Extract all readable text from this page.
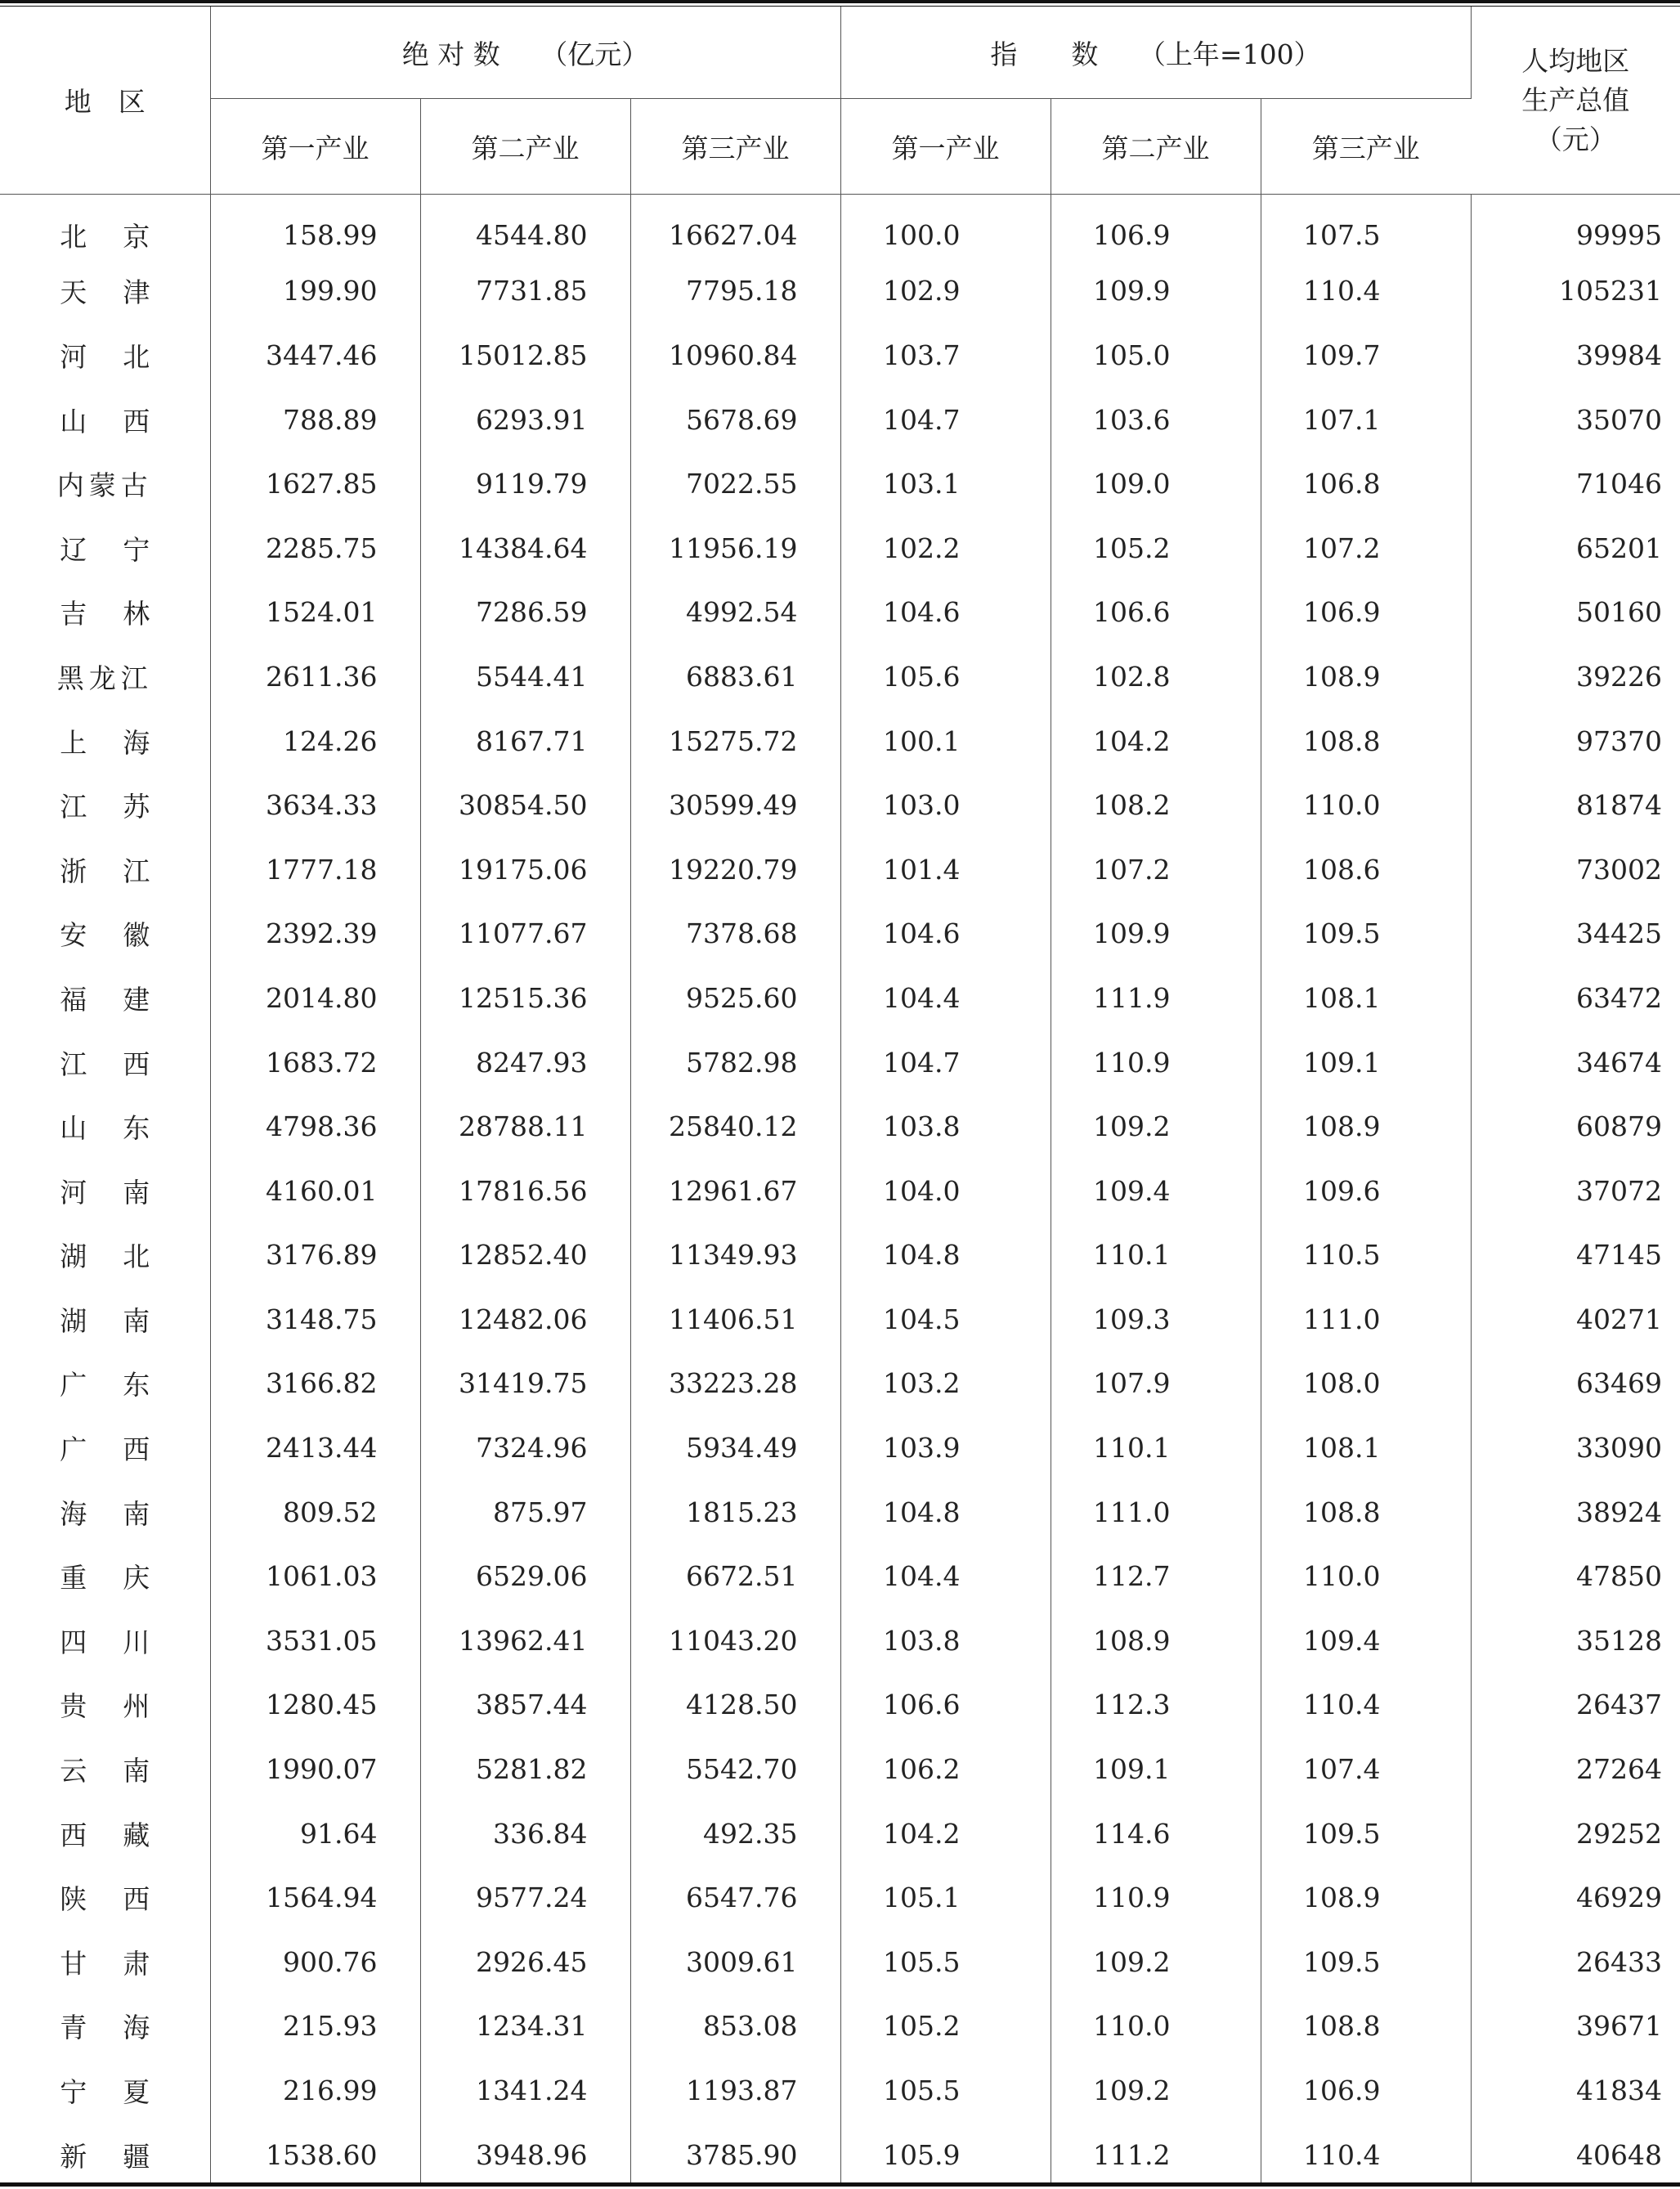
地　区	绝 对 数　　（亿元）			指　　数　　（上年=100）			人均地区
生产总值
（元）

	第一产业	第二产业	第三产业	第一产业	第二产业	第三产业	
北京	158.99	4544.80	16627.04	100.0	106.9	107.5	99995
天津	199.90	7731.85	7795.18	102.9	109.9	110.4	105231
河北	3447.46	15012.85	10960.84	103.7	105.0	109.7	39984
山西	788.89	6293.91	5678.69	104.7	103.6	107.1	35070
内蒙古	1627.85	9119.79	7022.55	103.1	109.0	106.8	71046
辽宁	2285.75	14384.64	11956.19	102.2	105.2	107.2	65201
吉林	1524.01	7286.59	4992.54	104.6	106.6	106.9	50160
黑龙江	2611.36	5544.41	6883.61	105.6	102.8	108.9	39226
上海	124.26	8167.71	15275.72	100.1	104.2	108.8	97370
江苏	3634.33	30854.50	30599.49	103.0	108.2	110.0	81874
浙江	1777.18	19175.06	19220.79	101.4	107.2	108.6	73002
安徽	2392.39	11077.67	7378.68	104.6	109.9	109.5	34425
福建	2014.80	12515.36	9525.60	104.4	111.9	108.1	63472
江西	1683.72	8247.93	5782.98	104.7	110.9	109.1	34674
山东	4798.36	28788.11	25840.12	103.8	109.2	108.9	60879
河南	4160.01	17816.56	12961.67	104.0	109.4	109.6	37072
湖北	3176.89	12852.40	11349.93	104.8	110.1	110.5	47145
湖南	3148.75	12482.06	11406.51	104.5	109.3	111.0	40271
广东	3166.82	31419.75	33223.28	103.2	107.9	108.0	63469
广西	2413.44	7324.96	5934.49	103.9	110.1	108.1	33090
海南	809.52	875.97	1815.23	104.8	111.0	108.8	38924
重庆	1061.03	6529.06	6672.51	104.4	112.7	110.0	47850
四川	3531.05	13962.41	11043.20	103.8	108.9	109.4	35128
贵州	1280.45	3857.44	4128.50	106.6	112.3	110.4	26437
云南	1990.07	5281.82	5542.70	106.2	109.1	107.4	27264
西藏	91.64	336.84	492.35	104.2	114.6	109.5	29252
陕西	1564.94	9577.24	6547.76	105.1	110.9	108.9	46929
甘肃	900.76	2926.45	3009.61	105.5	109.2	109.5	26433
青海	215.93	1234.31	853.08	105.2	110.0	108.8	39671
宁夏	216.99	1341.24	1193.87	105.5	109.2	106.9	41834
新疆	1538.60	3948.96	3785.90	105.9	111.2	110.4	40648
